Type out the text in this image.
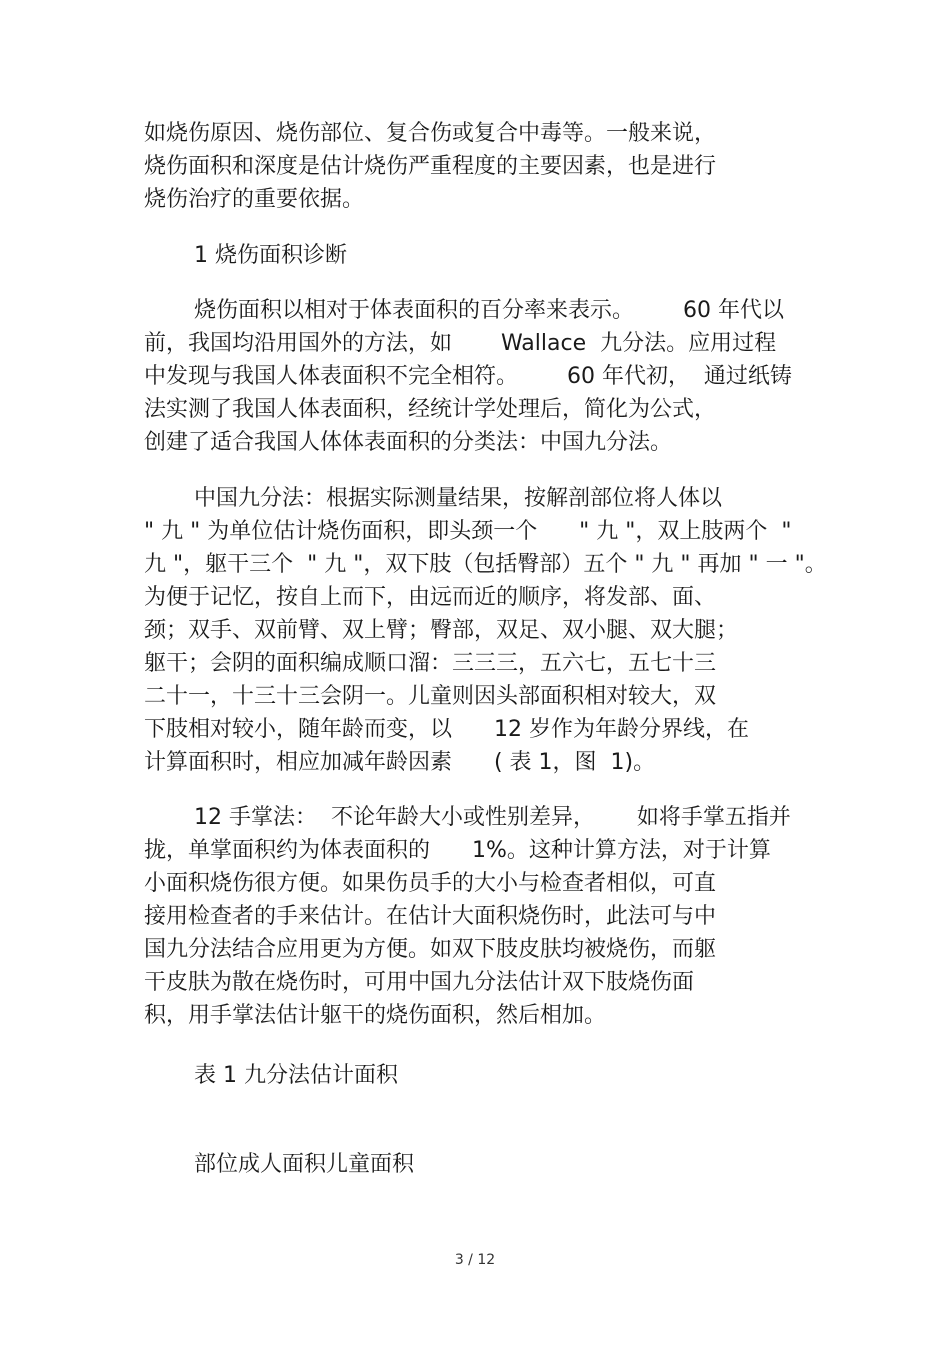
如烧伤原因、烧伤部位、复合伤或复合中毒等。一般来说，
烧伤面积和深度是估计烧伤严重程度的主要因素，也是进行
烧伤治疗的重要依据。
1 烧伤面积诊断
烧伤面积以相对于体表面积的百分率来表示。       60 年代以
前，我国均沿用国外的方法，如       Wallace  九分法。应用过程
中发现与我国人体表面积不完全相符。       60 年代初，  通过纸铸
法实测了我国人体表面积，经统计学处理后，简化为公式，
创建了适合我国人体体表面积的分类法：中国九分法。
中国九分法：根据实际测量结果，按解剖部位将人体以
" 九 " 为单位估计烧伤面积，即头颈一个      " 九 "，双上肢两个  "
九 "，躯干三个  " 九 "，双下肢（包括臀部）五个 " 九 " 再加 " 一 "。
为便于记忆，按自上而下，由远而近的顺序，将发部、面、
颈；双手、双前臂、双上臂；臀部，双足、双小腿、双大腿；
躯干；会阴的面积编成顺口溜：三三三，五六七，五七十三
二十一，十三十三会阴一。儿童则因头部面积相对较大，双
下肢相对较小，随年龄而变，以      12 岁作为年龄分界线，在
计算面积时，相应加减年龄因素      ( 表 1，图  1)。
12 手掌法：  不论年龄大小或性别差异，      如将手掌五指并
拢，单掌面积约为体表面积的      1%。这种计算方法，对于计算
小面积烧伤很方便。如果伤员手的大小与检查者相似，可直
接用检查者的手来估计。在估计大面积烧伤时，此法可与中
国九分法结合应用更为方便。如双下肢皮肤均被烧伤，而躯
干皮肤为散在烧伤时，可用中国九分法估计双下肢烧伤面
积，用手掌法估计躯干的烧伤面积，然后相加。
表 1 九分法估计面积
部位成人面积儿童面积
3 / 12
